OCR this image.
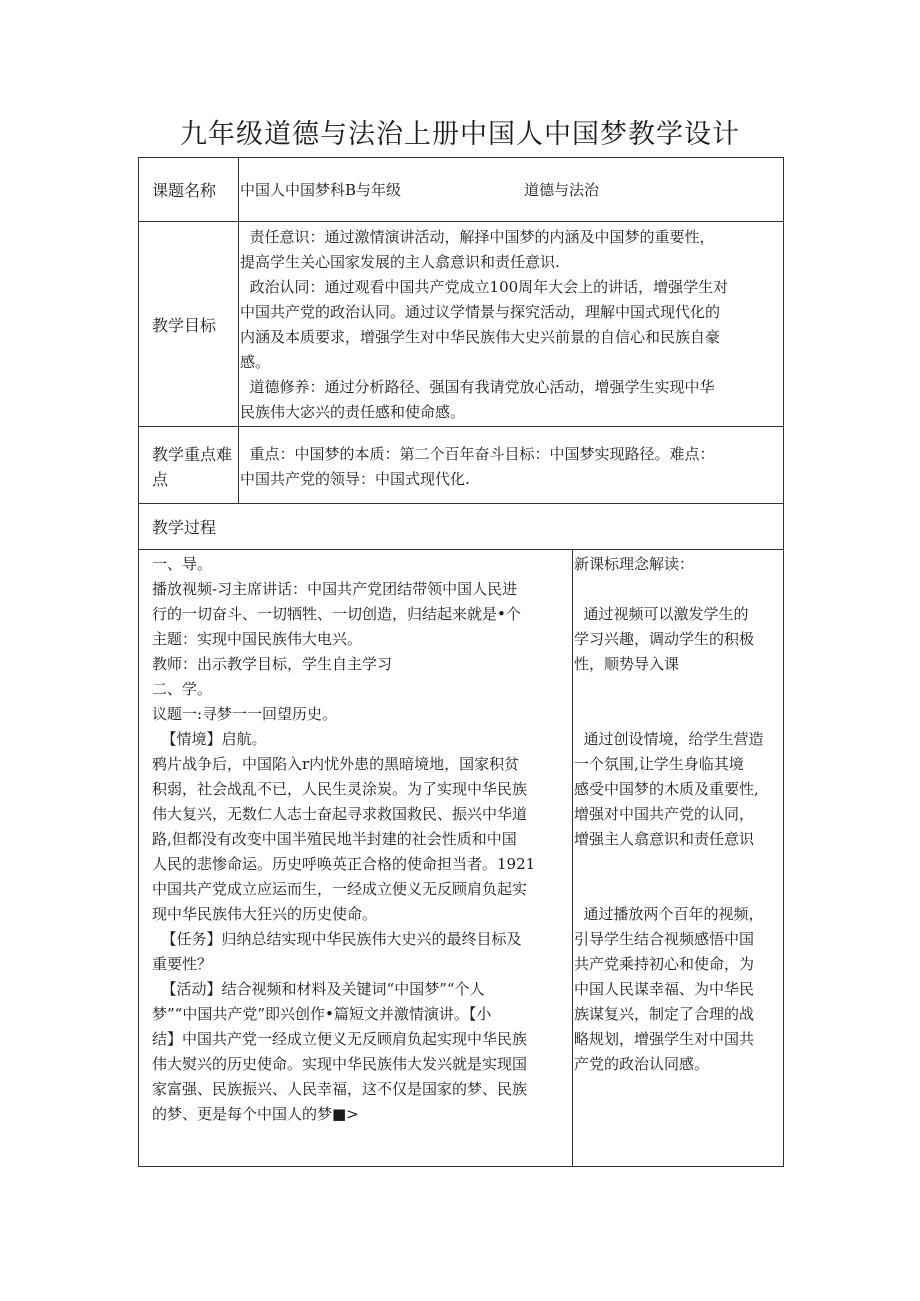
九年级道德与法治上册中国人中国梦教学设计
课题名称 中国人中国梦科B与年级	道德与法治
教学目标
责任意识：通过激情演讲活动，解择中国梦的内涵及中国梦的重要性，
提高学生关心国家发展的主人翕意识和责任意识.
政治认同：通过观看中国共产党成立100周年大会上的讲话，增强学生对
中国共产党的政治认同。通过议学情景与探究活动，理解中国式现代化的
内涵及本质要求，增强学生对中华民族伟大史兴前景的自信心和民族自豪
感。
道德修养：通过分析路径、强国有我请党放心活动，增强学生实现中华
民族伟大宓兴的责任感和使命感。
教学重点难
点
重点：中国梦的本质：第二个百年奋斗目标：中国梦实现路径。难点：
中国共产党的领导：中国式现代化.
教学过程
一、导。
播放视频-习主席讲话：中国共产党团结带领中国人民进
行的一切奋斗、一切牺牲、一切创造，归结起来就是•个
主题：实现中国民族伟大电兴。
教师：出示教学目标，学生自主学习
二、学。
议题一:寻梦一一回望历史。
【情境】启航。
鸦片战争后，中国陷入r内忧外患的黑暗境地，国家积贫
积弱，社会战乱不已，人民生灵涂炭。为了实现中华民族
伟大复兴，无数仁人志士奋起寻求救国救民、振兴中华道
路,但都没有改变中国半殖民地半封建的社会性质和中国
人民的悲惨命运。历史呼唤英正合格的使命担当者。1921
中国共产党成立应运而生，一经成立便义无反顾肩负起实
现中华民族伟大狂兴的历史使命。
【任务】归纳总结实现中华民族伟大史兴的最终目标及
重要性？
【活动】结合视频和材料及关键词“中国梦”“个人
梦”“中国共产党”即兴创作•篇短文并激情演讲。【小
结】中国共产党一经成立便义无反顾肩负起实现中华民族
伟大熨兴的历史使命。实现中华民族伟大发兴就是实现国
家富强、民族振兴、人民幸福，这不仅是国家的梦、民族
的梦、更是每个中国人的梦■>
新课标理念解读：

通过视频可以激发学生的
学习兴趣，调动学生的积极
性，顺势导入课

通过创设情境，给学生营造
一个氛围,让学生身临其境
感受中国梦的木质及重要性,
增强对中国共产党的认同，
增强主人翕意识和责任意识

通过播放两个百年的视频，
引导学生结合视频感悟中国
共产党乘持初心和使命，为
中国人民谋幸福、为中华民
族谋复兴，制定了合理的战
略规划，增强学生对中国共
产党的政治认同感。
